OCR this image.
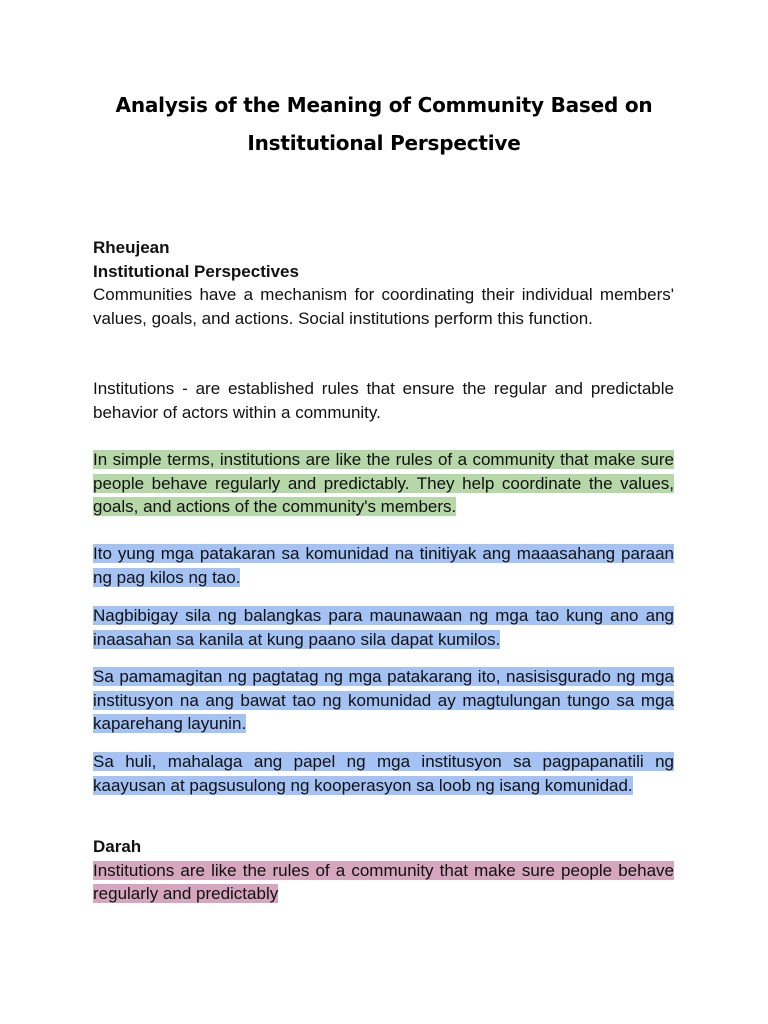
Analysis of the Meaning of Community Based on Institutional Perspective

Rheujean

Institutional Perspectives

Communities have a mechanism for coordinating their individual members' values, goals, and actions. Social institutions perform this function.

Institutions - are established rules that ensure the regular and predictable behavior of actors within a community.

In simple terms, institutions are like the rules of a community that make sure people behave regularly and predictably. They help coordinate the values, goals, and actions of the community's members.

Ito yung mga patakaran sa komunidad na tinitiyak ang maaasahang paraan ng pag kilos ng tao.

Nagbibigay sila ng balangkas para maunawaan ng mga tao kung ano ang inaasahan sa kanila at kung paano sila dapat kumilos.

Sa pamamagitan ng pagtatag ng mga patakarang ito, nasisisgurado ng mga institusyon na ang bawat tao ng komunidad ay magtulungan tungo sa mga kaparehang layunin.

Sa huli, mahalaga ang papel ng mga institusyon sa pagpapanatili ng kaayusan at pagsusulong ng kooperasyon sa loob ng isang komunidad.

Darah

Institutions are like the rules of a community that make sure people behave regularly and predictably
